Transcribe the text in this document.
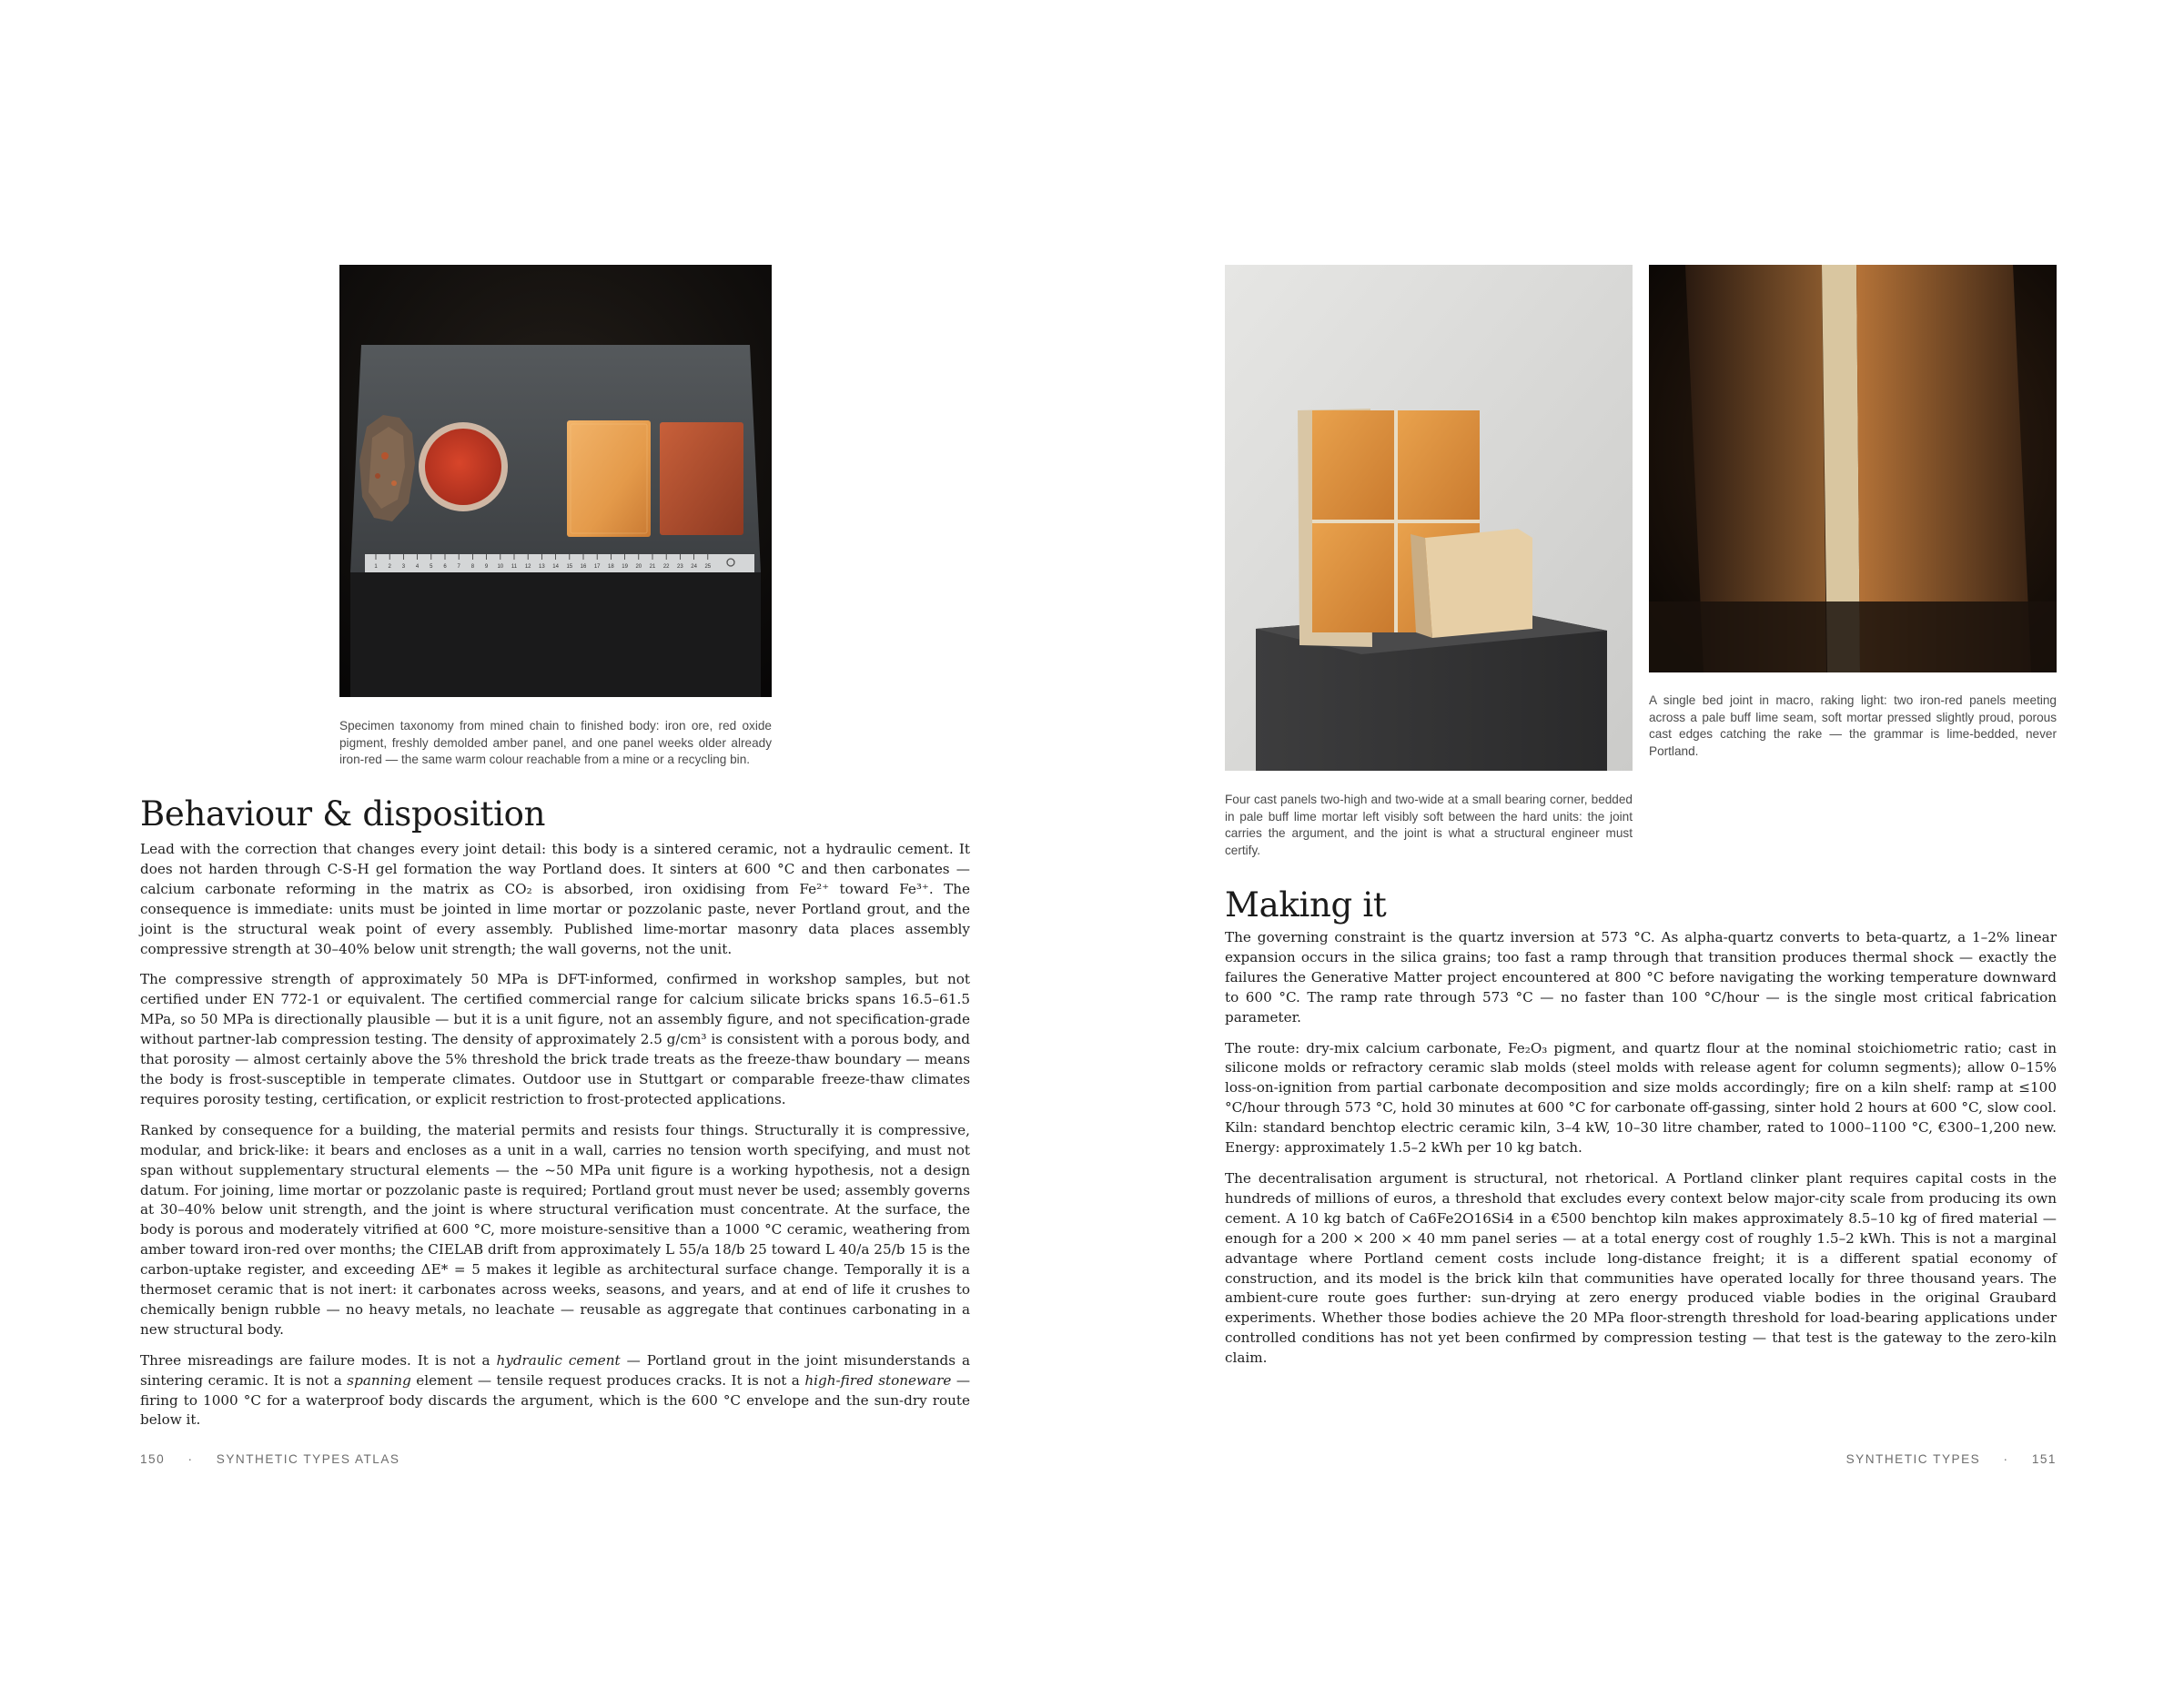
1 2 3 4 5 6 7 8 9 10 11 12 13 14 15 16 17 18 19 20 21 22 23 24 25

Specimen taxonomy from mined chain to finished body: iron ore, red oxide pigment, freshly demolded amber panel, and one panel weeks older already iron-red — the same warm colour reachable from a mine or a recycling bin.

Behaviour & disposition

Lead with the correction that changes every joint detail: this body is a sintered ceramic, not a hydraulic cement. It does not harden through C-S-H gel formation the way Portland does. It sinters at 600 °C and then carbonates — calcium carbonate reforming in the matrix as CO₂ is absorbed, iron oxidising from Fe²⁺ toward Fe³⁺. The consequence is immediate: units must be jointed in lime mortar or pozzolanic paste, never Portland grout, and the joint is the structural weak point of every assembly. Published lime-mortar masonry data places assembly compressive strength at 30–40% below unit strength; the wall governs, not the unit.

The compressive strength of approximately 50 MPa is DFT-informed, confirmed in workshop samples, but not certified under EN 772-1 or equivalent. The certified commercial range for calcium silicate bricks spans 16.5–61.5 MPa, so 50 MPa is directionally plausible — but it is a unit figure, not an assembly figure, and not specification-grade without partner-lab compression testing. The density of approximately 2.5 g/cm³ is consistent with a porous body, and that porosity — almost certainly above the 5% threshold the brick trade treats as the freeze-thaw boundary — means the body is frost-susceptible in temperate climates. Outdoor use in Stuttgart or comparable freeze-thaw climates requires porosity testing, certification, or explicit restriction to frost-protected applications.

Ranked by consequence for a building, the material permits and resists four things. Structurally it is compressive, modular, and brick-like: it bears and encloses as a unit in a wall, carries no tension worth specifying, and must not span without supplementary structural elements — the ~50 MPa unit figure is a working hypothesis, not a design datum. For joining, lime mortar or pozzolanic paste is required; Portland grout must never be used; assembly governs at 30–40% below unit strength, and the joint is where structural verification must concentrate. At the surface, the body is porous and moderately vitrified at 600 °C, more moisture-sensitive than a 1000 °C ceramic, weathering from amber toward iron-red over months; the CIELAB drift from approximately L 55/a 18/b 25 toward L 40/a 25/b 15 is the carbon-uptake register, and exceeding ΔE* = 5 makes it legible as architectural surface change. Temporally it is a thermoset ceramic that is not inert: it carbonates across weeks, seasons, and years, and at end of life it crushes to chemically benign rubble — no heavy metals, no leachate — reusable as aggregate that continues carbonating in a new structural body.

Three misreadings are failure modes. It is not a hydraulic cement — Portland grout in the joint misunderstands a sintering ceramic. It is not a spanning element — tensile request produces cracks. It is not a high-fired stoneware — firing to 1000 °C for a waterproof body discards the argument, which is the 600 °C envelope and the sun-dry route below it.

150 · SYNTHETIC TYPES ATLAS

Four cast panels two-high and two-wide at a small bearing corner, bedded in pale buff lime mortar left visibly soft between the hard units: the joint carries the argument, and the joint is what a structural engineer must certify.

A single bed joint in macro, raking light: two iron-red panels meeting across a pale buff lime seam, soft mortar pressed slightly proud, porous cast edges catching the rake — the grammar is lime-bedded, never Portland.

Making it

The governing constraint is the quartz inversion at 573 °C. As alpha-quartz converts to beta-quartz, a 1–2% linear expansion occurs in the silica grains; too fast a ramp through that transition produces thermal shock — exactly the failures the Generative Matter project encountered at 800 °C before navigating the working temperature downward to 600 °C. The ramp rate through 573 °C — no faster than 100 °C/hour — is the single most critical fabrication parameter.

The route: dry-mix calcium carbonate, Fe₂O₃ pigment, and quartz flour at the nominal stoichiometric ratio; cast in silicone molds or refractory ceramic slab molds (steel molds with release agent for column segments); allow 0–15% loss-on-ignition from partial carbonate decomposition and size molds accordingly; fire on a kiln shelf: ramp at ≤100 °C/hour through 573 °C, hold 30 minutes at 600 °C for carbonate off-gassing, sinter hold 2 hours at 600 °C, slow cool. Kiln: standard benchtop electric ceramic kiln, 3–4 kW, 10–30 litre chamber, rated to 1000–1100 °C, €300–1,200 new. Energy: approximately 1.5–2 kWh per 10 kg batch.

The decentralisation argument is structural, not rhetorical. A Portland clinker plant requires capital costs in the hundreds of millions of euros, a threshold that excludes every context below major-city scale from producing its own cement. A 10 kg batch of Ca6Fe2O16Si4 in a €500 benchtop kiln makes approximately 8.5–10 kg of fired material — enough for a 200 × 200 × 40 mm panel series — at a total energy cost of roughly 1.5–2 kWh. This is not a marginal advantage where Portland cement costs include long-distance freight; it is a different spatial economy of construction, and its model is the brick kiln that communities have operated locally for three thousand years. The ambient-cure route goes further: sun-drying at zero energy produced viable bodies in the original Graubard experiments. Whether those bodies achieve the 20 MPa floor-strength threshold for load-bearing applications under controlled conditions has not yet been confirmed by compression testing — that test is the gateway to the zero-kiln claim.

SYNTHETIC TYPES · 151
